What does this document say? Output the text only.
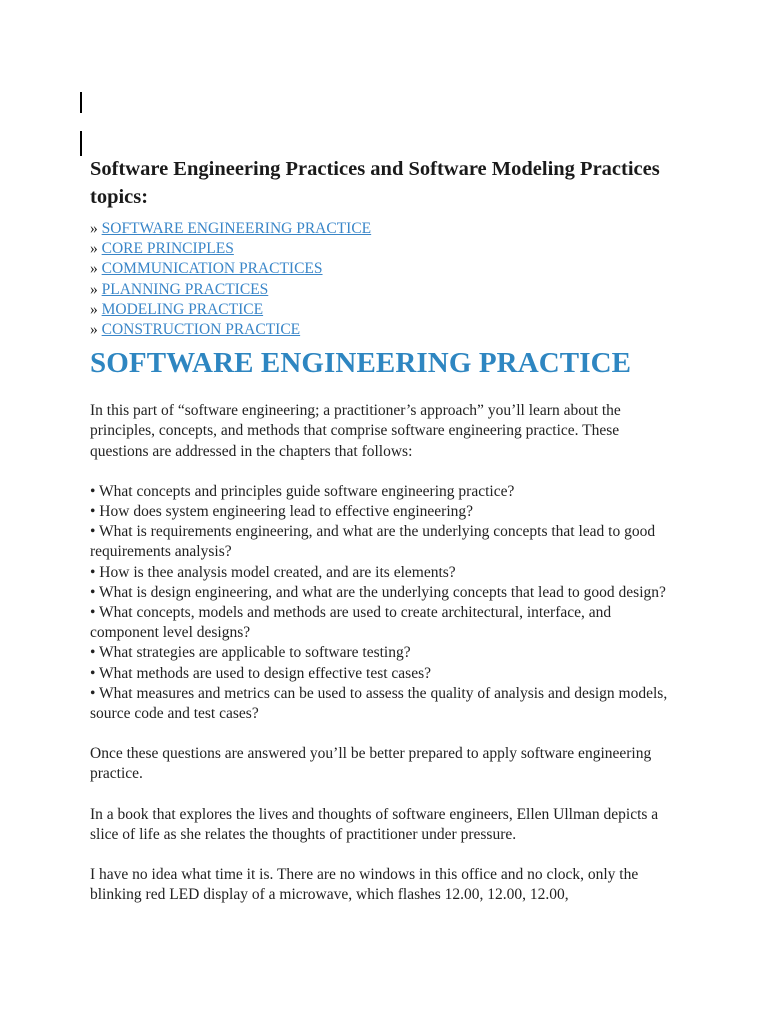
Software Engineering Practices and Software Modeling Practices topics:
» SOFTWARE ENGINEERING PRACTICE
» CORE PRINCIPLES
» COMMUNICATION PRACTICES
» PLANNING PRACTICES
» MODELING PRACTICE
» CONSTRUCTION PRACTICE
SOFTWARE ENGINEERING PRACTICE

In this part of “software engineering; a practitioner’s approach” you’ll learn about the principles, concepts, and methods that comprise software engineering practice. These questions are addressed in the chapters that follows:

• What concepts and principles guide software engineering practice?

• How does system engineering lead to effective engineering?

• What is requirements engineering, and what are the underlying concepts that lead to good requirements analysis?

• How is thee analysis model created, and are its elements?

• What is design engineering, and what are the underlying concepts that lead to good design?

• What concepts, models and methods are used to create architectural, interface, and component level designs?

• What strategies are applicable to software testing?

• What methods are used to design effective test cases?

• What measures and metrics can be used to assess the quality of analysis and design models, source code and test cases?

Once these questions are answered you’ll be better prepared to apply software engineering practice.

In a book that explores the lives and thoughts of software engineers, Ellen Ullman depicts a slice of life as she relates the thoughts of practitioner under pressure.

I have no idea what time it is. There are no windows in this office and no clock, only the blinking red LED display of a microwave, which flashes 12.00, 12.00, 12.00,
